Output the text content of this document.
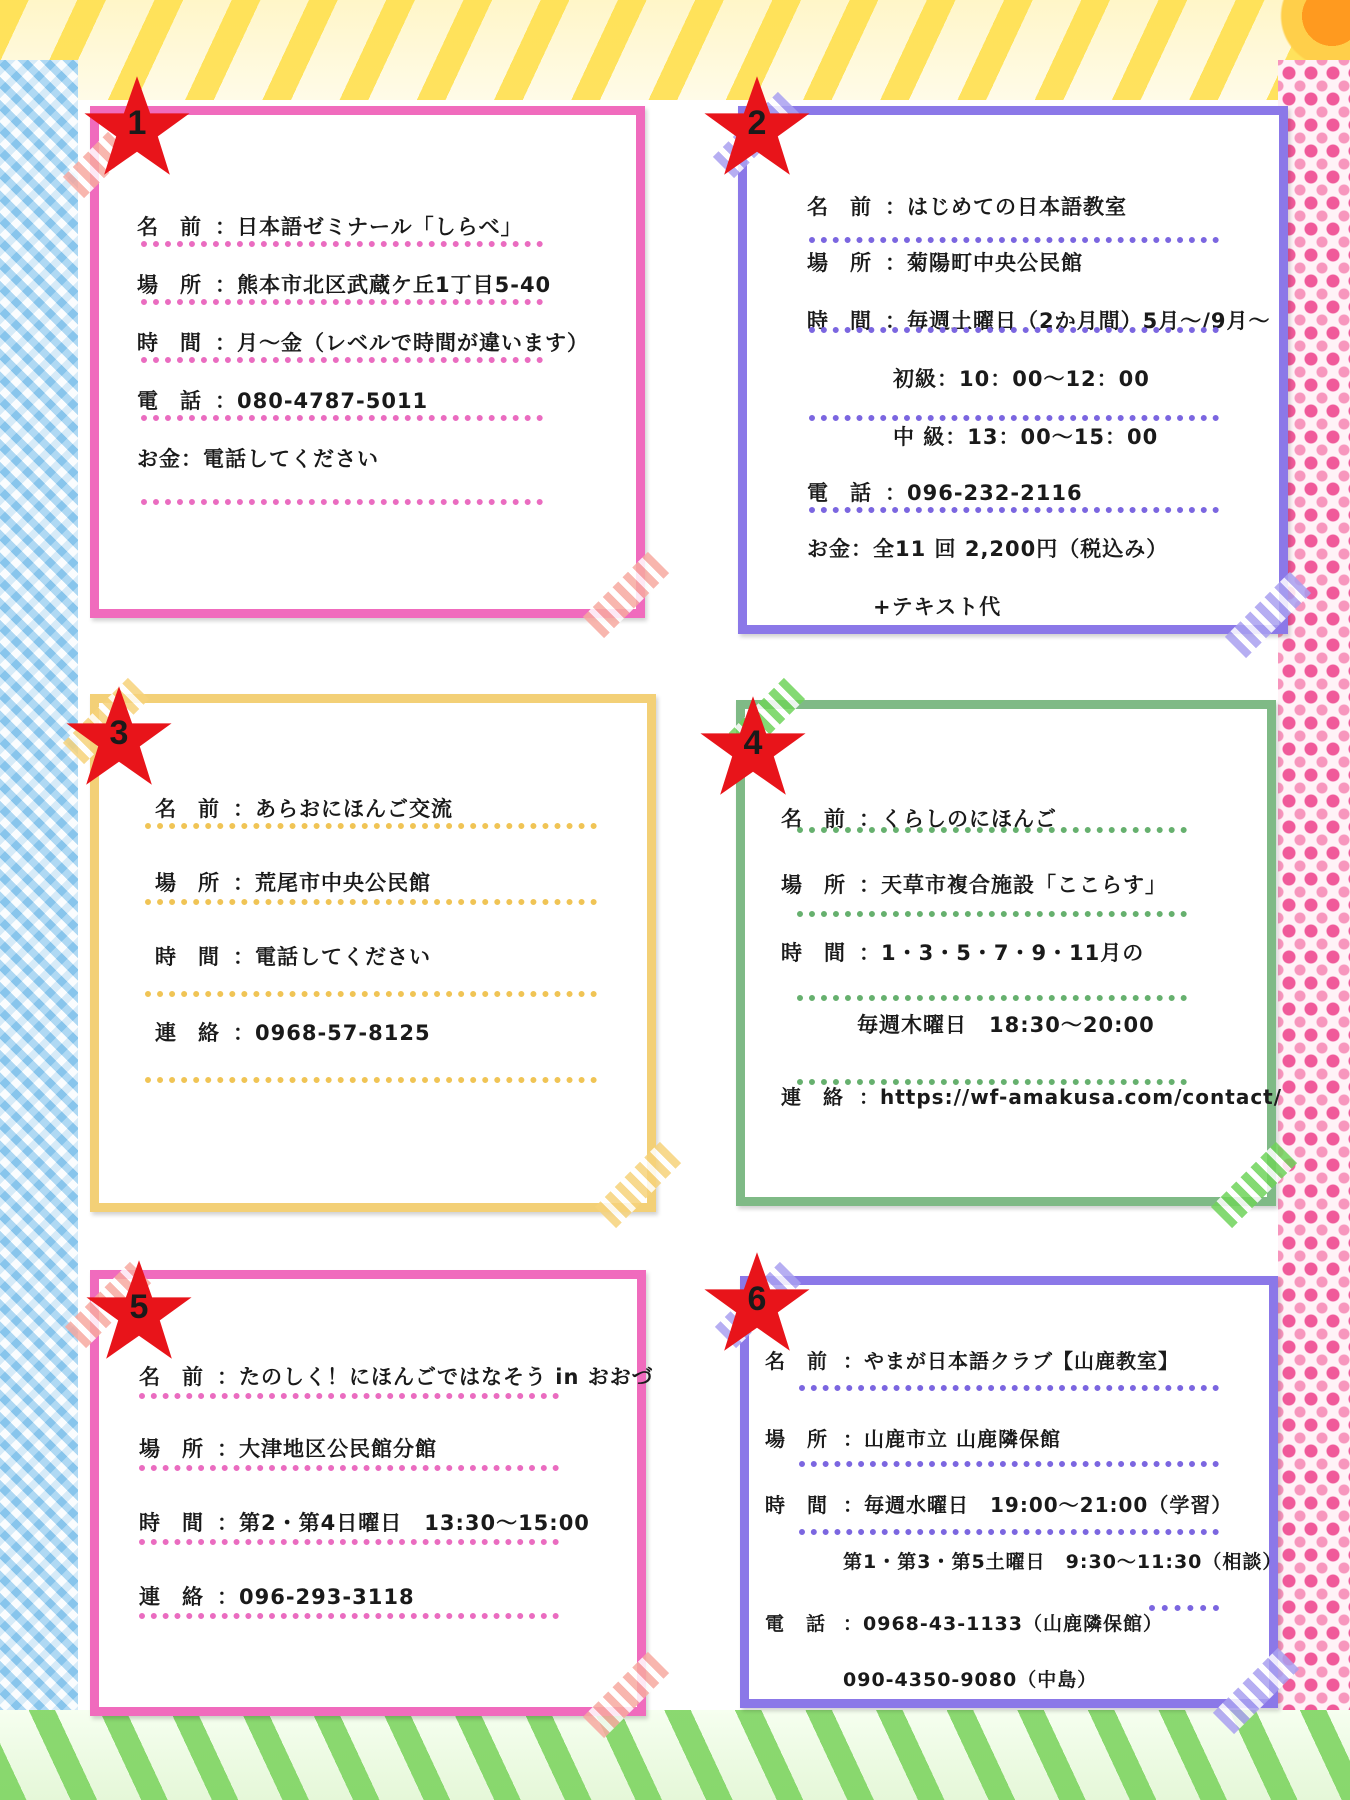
名 前 ：日本語ゼミナール「しらべ」
場 所 ：熊本市北区武蔵ケ丘1丁目5-40
時 間 ：月～金（レベルで時間が違います）
電 話 ：080-4787-5011
お金：電話してください
1
名 前 ：はじめての日本語教室
場 所 ：菊陽町中央公民館
時 間 ：毎週土曜日（2か月間）5月～/9月～
初級：10：00～12：00
中 級：13：00～15：00
電 話 ：096-232-2116
お金：全11 回 2,200円（税込み）
+テキスト代
2
名 前 ：あらおにほんご交流
場 所 ：荒尾市中央公民館
時 間 ：電話してください
連 絡 ：0968-57-8125
3
名 前 ：くらしのにほんご
場 所 ：天草市複合施設「ここらす」
時 間 ：1・3・5・7・9・11月の
毎週木曜日　18:30～20:00
連 絡 ：https://wf-amakusa.com/contact/
4
名 前 ：たのしく！にほんごではなそう in おおづ
場 所 ：大津地区公民館分館
時 間 ：第2・第4日曜日　13:30～15:00
連 絡 ：096-293-3118
5
名 前 ：やまが日本語クラブ【山鹿教室】
場 所 ：山鹿市立 山鹿隣保館
時 間 ：毎週水曜日　19:00～21:00（学習）
第1・第3・第5土曜日　9:30～11:30（相談）
電 話 ：0968-43-1133（山鹿隣保館）
090-4350-9080（中島）
6
